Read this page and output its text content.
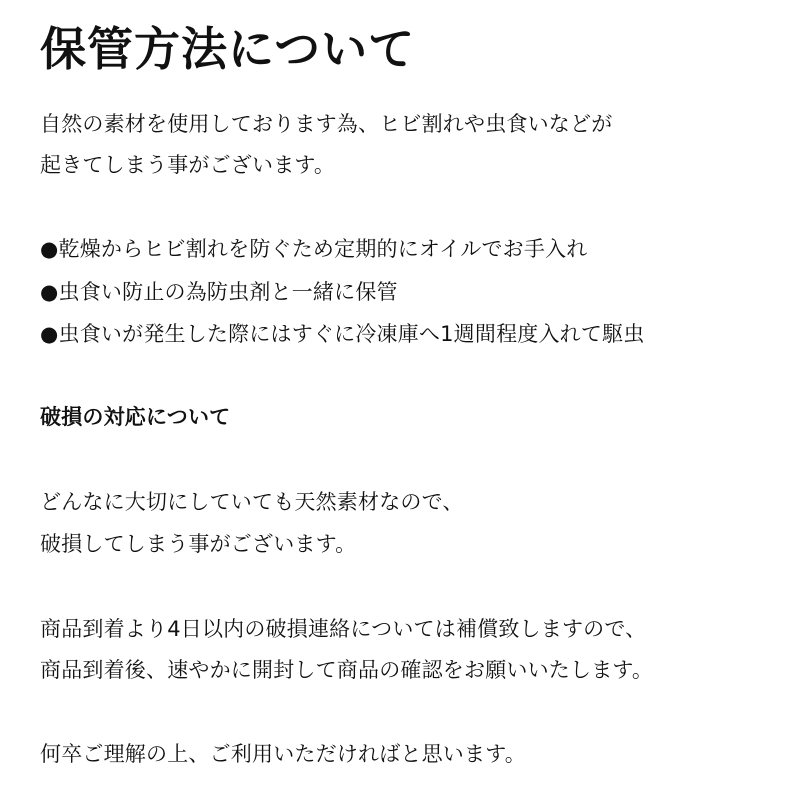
保管方法について
自然の素材を使用しております為、ヒビ割れや虫食いなどが
起きてしまう事がございます。
●乾燥からヒビ割れを防ぐため定期的にオイルでお手入れ
●虫食い防止の為防虫剤と一緒に保管
●虫食いが発生した際にはすぐに冷凍庫へ1週間程度入れて駆虫
破損の対応について
どんなに大切にしていても天然素材なので、
破損してしまう事がございます。
商品到着より4日以内の破損連絡については補償致しますので、
商品到着後、速やかに開封して商品の確認をお願いいたします。
何卒ご理解の上、ご利用いただければと思います。
